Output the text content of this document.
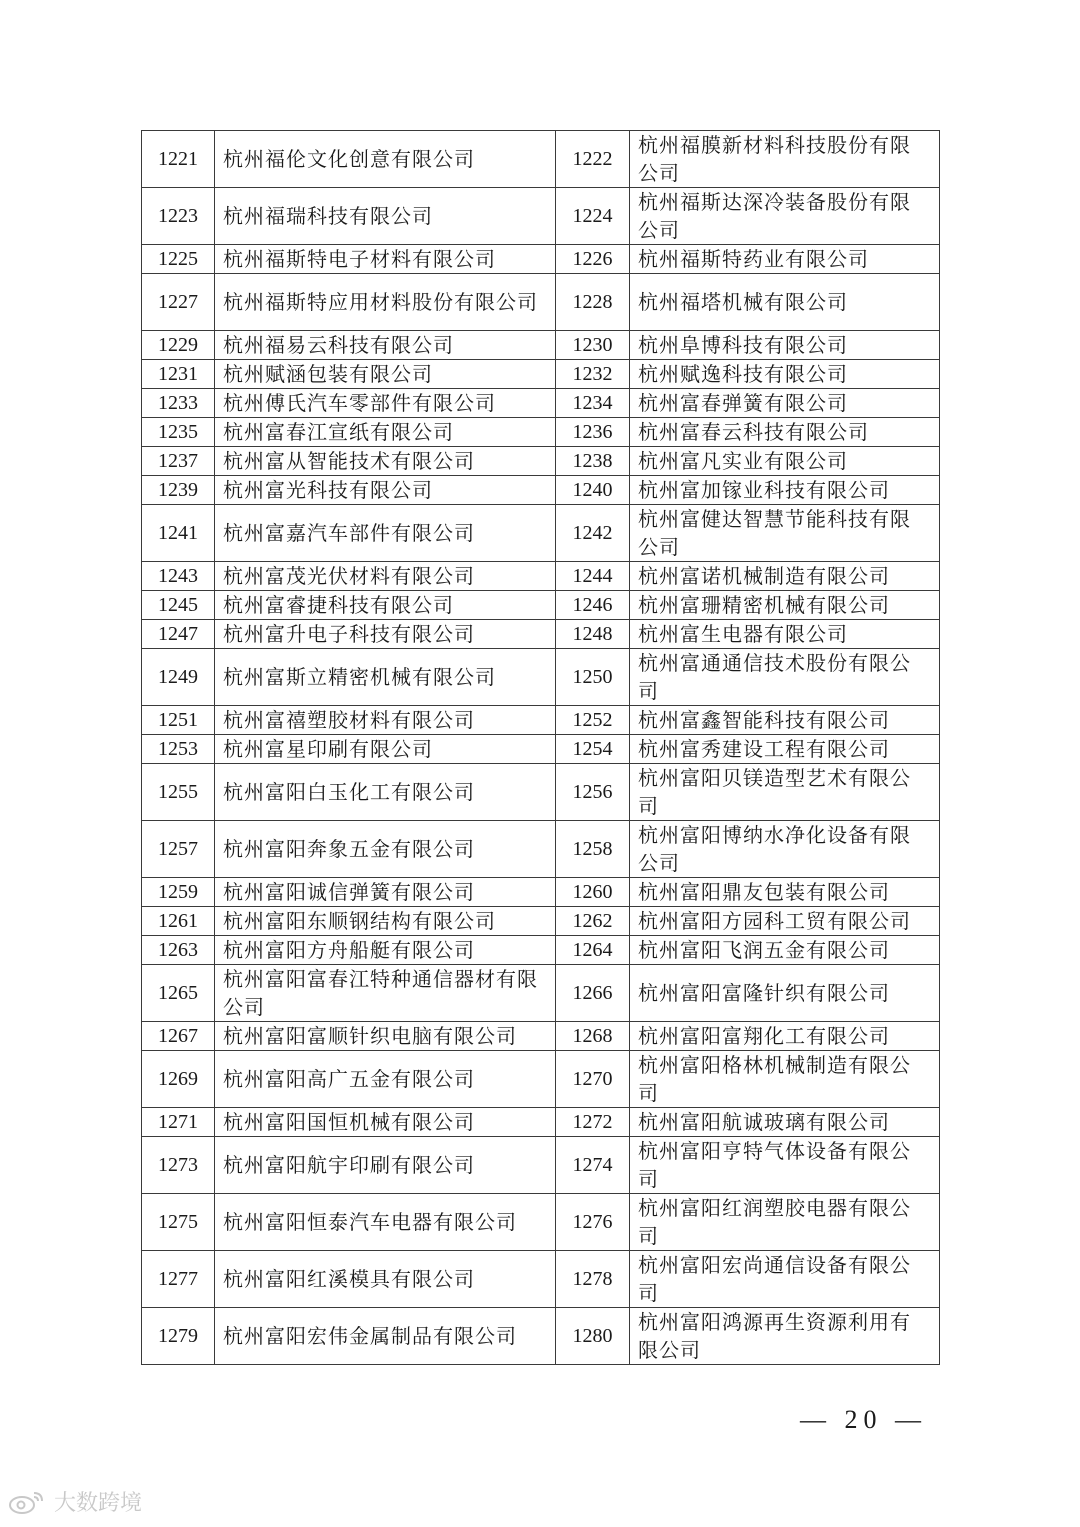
1221	杭州福伦文化创意有限公司	1222	杭州福膜新材料科技股份有限公司
1223	杭州福瑞科技有限公司	1224	杭州福斯达深冷装备股份有限公司
1225	杭州福斯特电子材料有限公司	1226	杭州福斯特药业有限公司
1227	杭州福斯特应用材料股份有限公司	1228	杭州福塔机械有限公司
1229	杭州福易云科技有限公司	1230	杭州阜博科技有限公司
1231	杭州赋涵包装有限公司	1232	杭州赋逸科技有限公司
1233	杭州傅氏汽车零部件有限公司	1234	杭州富春弹簧有限公司
1235	杭州富春江宣纸有限公司	1236	杭州富春云科技有限公司
1237	杭州富从智能技术有限公司	1238	杭州富凡实业有限公司
1239	杭州富光科技有限公司	1240	杭州富加镓业科技有限公司
1241	杭州富嘉汽车部件有限公司	1242	杭州富健达智慧节能科技有限公司
1243	杭州富茂光伏材料有限公司	1244	杭州富诺机械制造有限公司
1245	杭州富睿捷科技有限公司	1246	杭州富珊精密机械有限公司
1247	杭州富升电子科技有限公司	1248	杭州富生电器有限公司
1249	杭州富斯立精密机械有限公司	1250	杭州富通通信技术股份有限公司
1251	杭州富禧塑胶材料有限公司	1252	杭州富鑫智能科技有限公司
1253	杭州富星印刷有限公司	1254	杭州富秀建设工程有限公司
1255	杭州富阳白玉化工有限公司	1256	杭州富阳贝镁造型艺术有限公司
1257	杭州富阳奔象五金有限公司	1258	杭州富阳博纳水净化设备有限公司
1259	杭州富阳诚信弹簧有限公司	1260	杭州富阳鼎友包装有限公司
1261	杭州富阳东顺钢结构有限公司	1262	杭州富阳方园科工贸有限公司
1263	杭州富阳方舟船艇有限公司	1264	杭州富阳飞润五金有限公司
1265	杭州富阳富春江特种通信器材有限公司	1266	杭州富阳富隆针织有限公司
1267	杭州富阳富顺针织电脑有限公司	1268	杭州富阳富翔化工有限公司
1269	杭州富阳高广五金有限公司	1270	杭州富阳格林机械制造有限公司
1271	杭州富阳国恒机械有限公司	1272	杭州富阳航诚玻璃有限公司
1273	杭州富阳航宇印刷有限公司	1274	杭州富阳亨特气体设备有限公司
1275	杭州富阳恒泰汽车电器有限公司	1276	杭州富阳红润塑胶电器有限公司
1277	杭州富阳红溪模具有限公司	1278	杭州富阳宏尚通信设备有限公司
1279	杭州富阳宏伟金属制品有限公司	1280	杭州富阳鸿源再生资源利用有限公司
— 20 —
大数跨境
